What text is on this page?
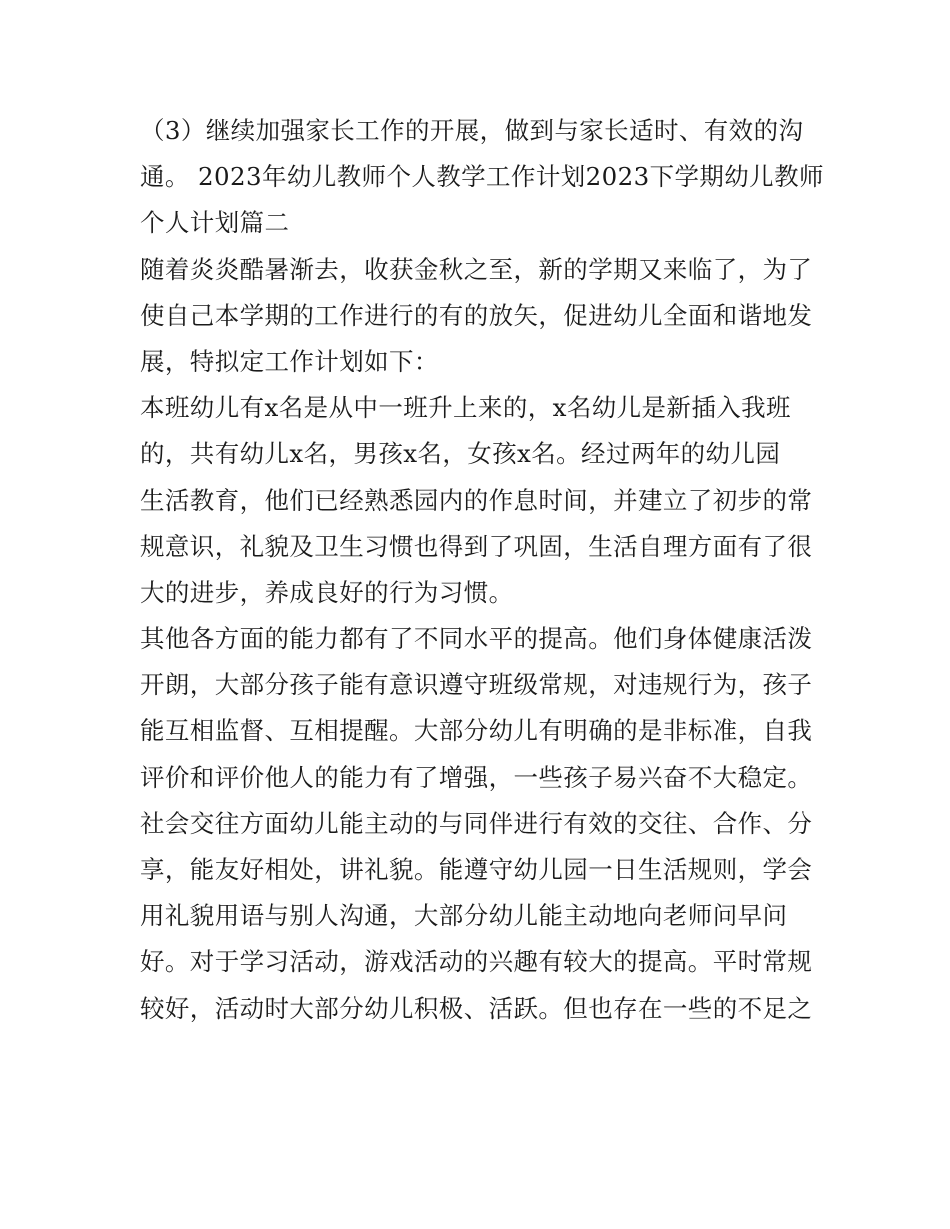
（3）继续加强家长工作的开展，做到与家长适时、有效的沟
通。 2023年幼儿教师个人教学工作计划2023下学期幼儿教师
个人计划篇二
随着炎炎酷暑渐去，收获金秋之至，新的学期又来临了，为了
使自己本学期的工作进行的有的放矢，促进幼儿全面和谐地发
展，特拟定工作计划如下：
本班幼儿有x名是从中一班升上来的，x名幼儿是新插入我班
的，共有幼儿x名，男孩x名，女孩x名。经过两年的幼儿园
生活教育，他们已经熟悉园内的作息时间，并建立了初步的常
规意识，礼貌及卫生习惯也得到了巩固，生活自理方面有了很
大的进步，养成良好的行为习惯。
其他各方面的能力都有了不同水平的提高。他们身体健康活泼
开朗，大部分孩子能有意识遵守班级常规，对违规行为，孩子
能互相监督、互相提醒。大部分幼儿有明确的是非标准，自我
评价和评价他人的能力有了增强，一些孩子易兴奋不大稳定。
社会交往方面幼儿能主动的与同伴进行有效的交往、合作、分
享，能友好相处，讲礼貌。能遵守幼儿园一日生活规则，学会
用礼貌用语与别人沟通，大部分幼儿能主动地向老师问早问
好。对于学习活动，游戏活动的兴趣有较大的提高。平时常规
较好，活动时大部分幼儿积极、活跃。但也存在一些的不足之
